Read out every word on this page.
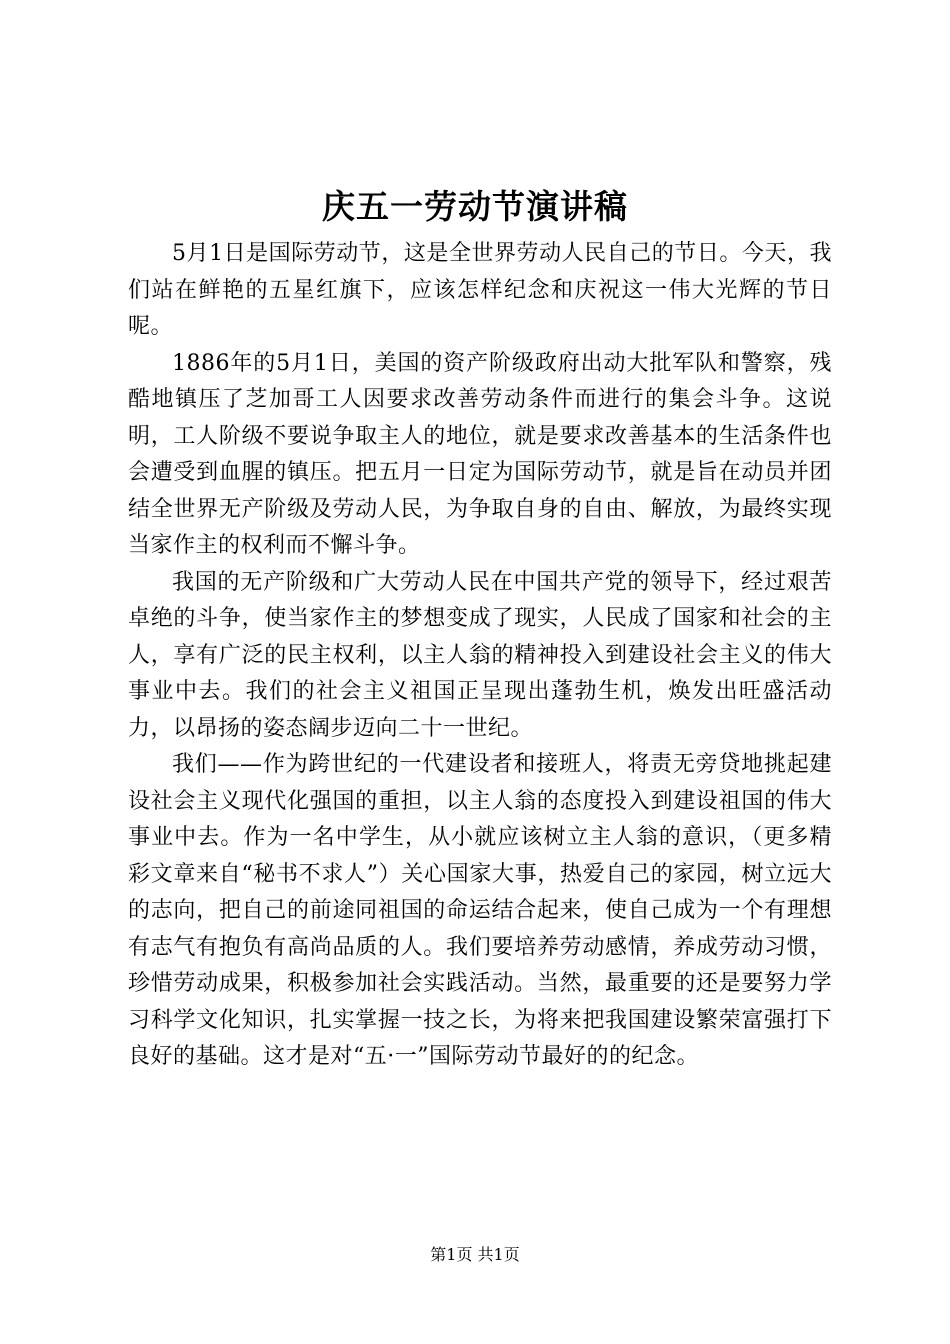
庆五一劳动节演讲稿

5月1日是国际劳动节，这是全世界劳动人民自己的节日。今天，我们站在鲜艳的五星红旗下，应该怎样纪念和庆祝这一伟大光辉的节日呢。

1886年的5月1日，美国的资产阶级政府出动大批军队和警察，残酷地镇压了芝加哥工人因要求改善劳动条件而进行的集会斗争。这说明，工人阶级不要说争取主人的地位，就是要求改善基本的生活条件也会遭受到血腥的镇压。把五月一日定为国际劳动节，就是旨在动员并团结全世界无产阶级及劳动人民，为争取自身的自由、解放，为最终实现当家作主的权利而不懈斗争。

我国的无产阶级和广大劳动人民在中国共产党的领导下，经过艰苦卓绝的斗争，使当家作主的梦想变成了现实，人民成了国家和社会的主人，享有广泛的民主权利，以主人翁的精神投入到建设社会主义的伟大事业中去。我们的社会主义祖国正呈现出蓬勃生机，焕发出旺盛活动力，以昂扬的姿态阔步迈向二十一世纪。

我们——作为跨世纪的一代建设者和接班人，将责无旁贷地挑起建设社会主义现代化强国的重担，以主人翁的态度投入到建设祖国的伟大事业中去。作为一名中学生，从小就应该树立主人翁的意识，（更多精彩文章来自“秘书不求人”）关心国家大事，热爱自己的家园，树立远大的志向，把自己的前途同祖国的命运结合起来，使自己成为一个有理想有志气有抱负有高尚品质的人。我们要培养劳动感情，养成劳动习惯，珍惜劳动成果，积极参加社会实践活动。当然，最重要的还是要努力学习科学文化知识，扎实掌握一技之长，为将来把我国建设繁荣富强打下良好的基础。这才是对“五·一”国际劳动节最好的的纪念。

第1页 共1页
